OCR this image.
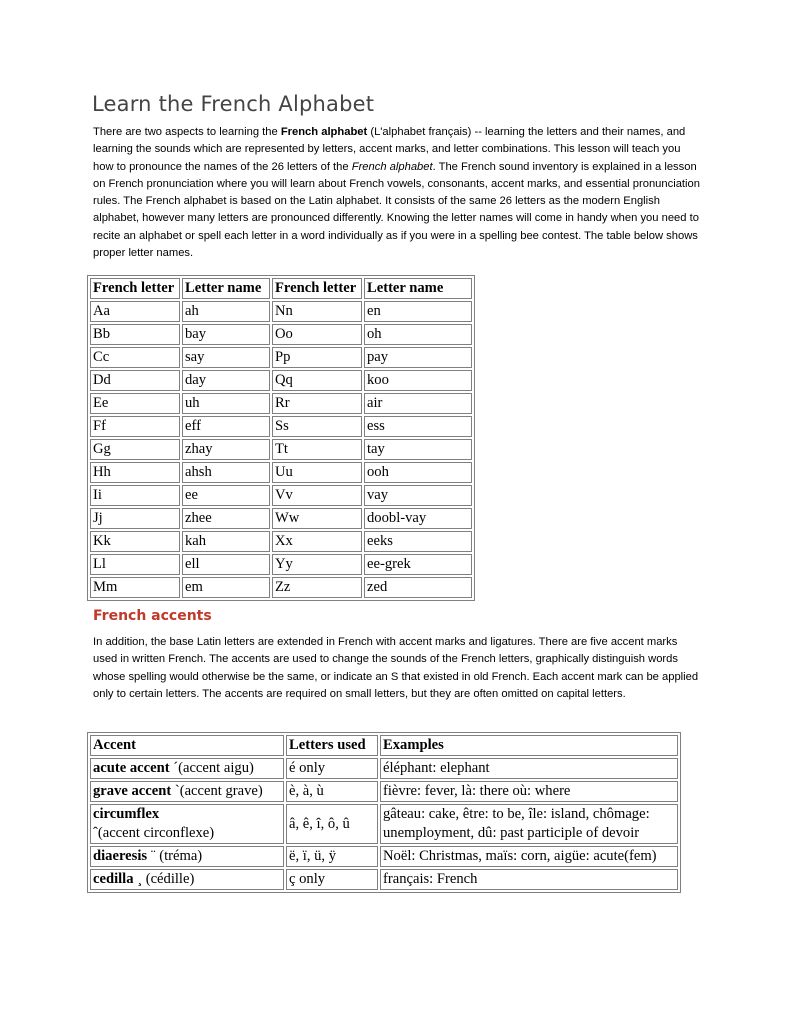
Learn the French Alphabet

There are two aspects to learning the French alphabet (L'alphabet français) -- learning the letters and their names, and learning the sounds which are represented by letters, accent marks, and letter combinations. This lesson will teach you how to pronounce the names of the 26 letters of the French alphabet. The French sound inventory is explained in a lesson on French pronunciation where you will learn about French vowels, consonants, accent marks, and essential pronunciation rules. The French alphabet is based on the Latin alphabet. It consists of the same 26 letters as the modern English alphabet, however many letters are pronounced differently. Knowing the letter names will come in handy when you need to recite an alphabet or spell each letter in a word individually as if you were in a spelling bee contest. The table below shows proper letter names.

French letter	Letter name	French letter	Letter name
Aa	ah	Nn	en
Bb	bay	Oo	oh
Cc	say	Pp	pay
Dd	day	Qq	koo
Ee	uh	Rr	air
Ff	eff	Ss	ess
Gg	zhay	Tt	tay
Hh	ahsh	Uu	ooh
Ii	ee	Vv	vay
Jj	zhee	Ww	doobl-vay
Kk	kah	Xx	eeks
Ll	ell	Yy	ee-grek
Mm	em	Zz	zed
French accents

In addition, the base Latin letters are extended in French with accent marks and ligatures. There are five accent marks used in written French. The accents are used to change the sounds of the French letters, graphically distinguish words whose spelling would otherwise be the same, or indicate an S that existed in old French. Each accent mark can be applied only to certain letters. The accents are required on small letters, but they are often omitted on capital letters.

Accent	Letters used	Examples
acute accent ´(accent aigu)	é only	éléphant: elephant
grave accent `(accent grave)	è, à, ù	fièvre: fever, là: there où: where
circumflex
ˆ(accent circonflexe)	â, ê, î, ô, û	gâteau: cake, être: to be, île: island, chômage: unemployment, dû: past participle of devoir
diaeresis ¨ (tréma)	ë, ï, ü, ÿ	Noël: Christmas, maïs: corn, aigüe: acute(fem)
cedilla ¸ (cédille)	ç only	français: French
